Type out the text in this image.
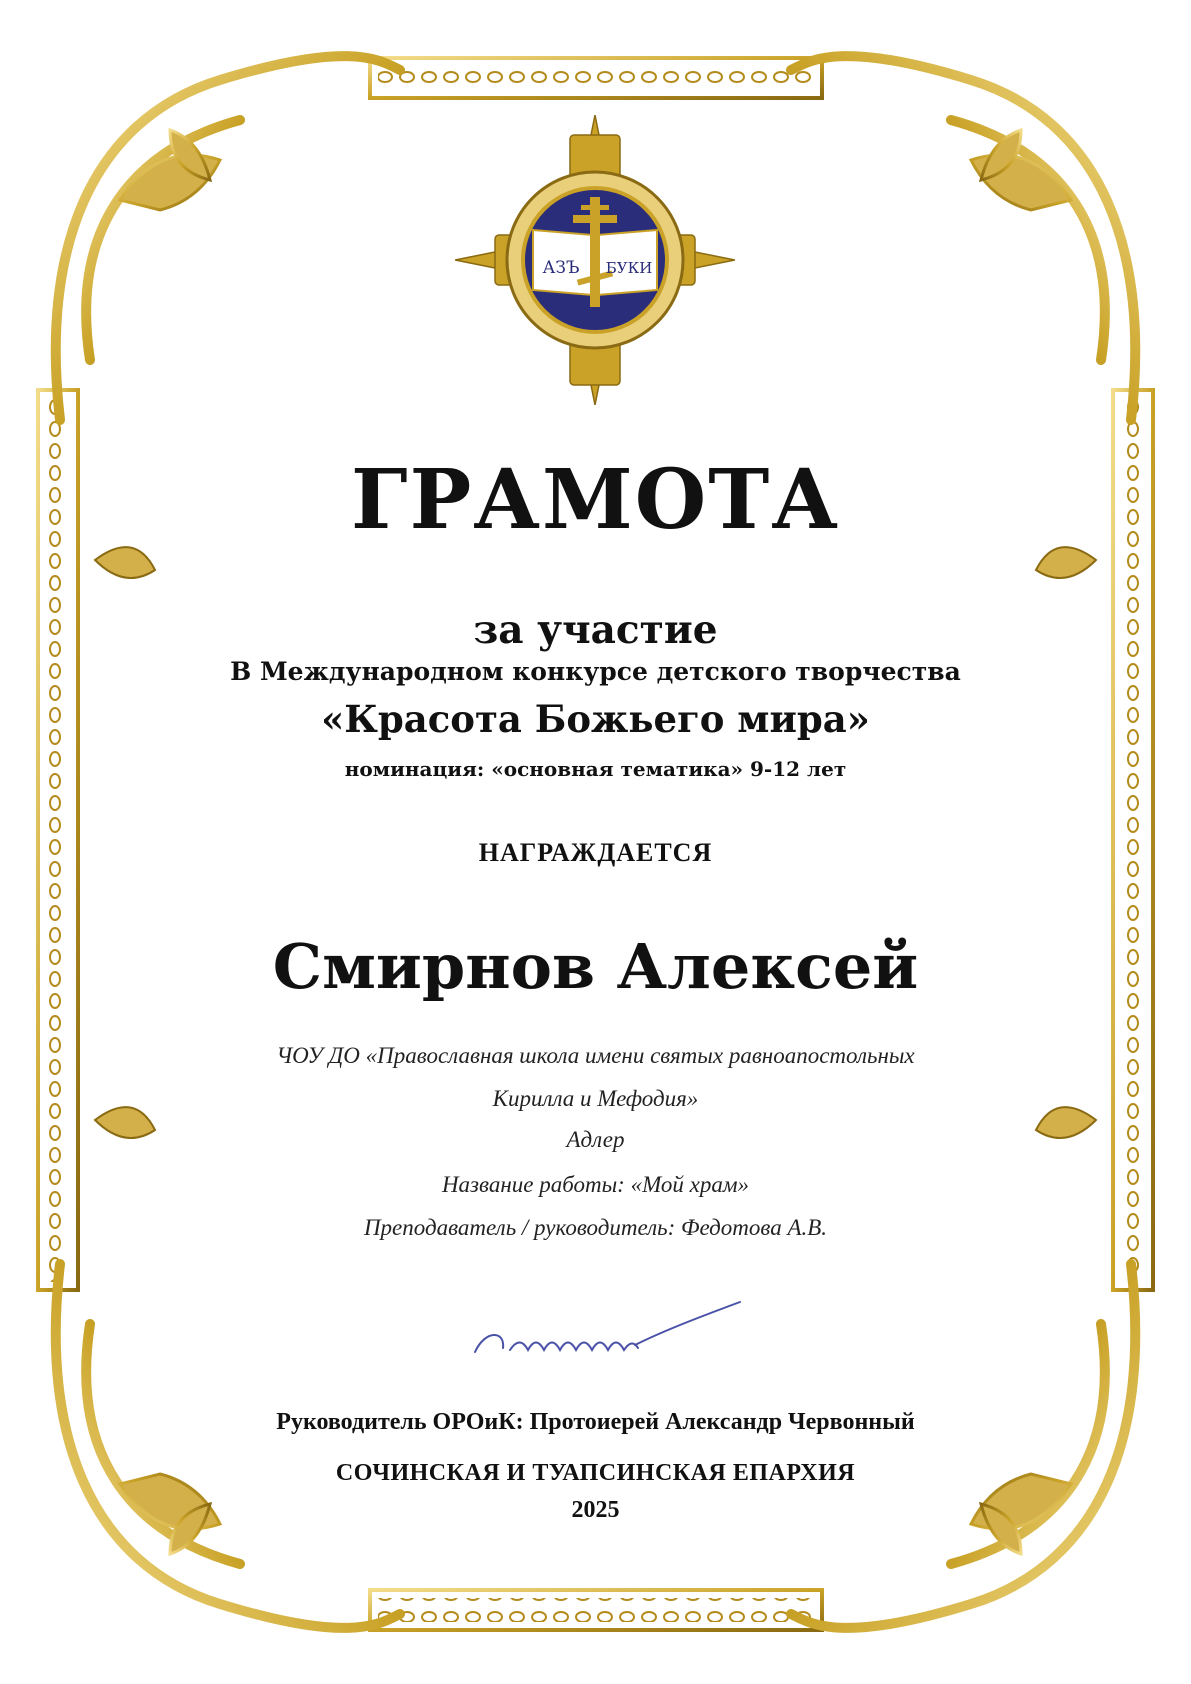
АЗЪ БУКИ
ГРАМОТА
за участие
В Международном конкурсе детского творчества
«Красота Божьего мира»
номинация: «основная тематика» 9-12 лет
НАГРАЖДАЕТСЯ
Смирнов Алексей
ЧОУ ДО «Православная школа имени святых равноапостольных
Кирилла и Мефодия»
Адлер
Название работы: «Мой храм»
Преподаватель / руководитель: Федотова А.В.
Руководитель ОРОиК: Протоиерей Александр Червонный
СОЧИНСКАЯ И ТУАПСИНСКАЯ ЕПАРХИЯ
2025
